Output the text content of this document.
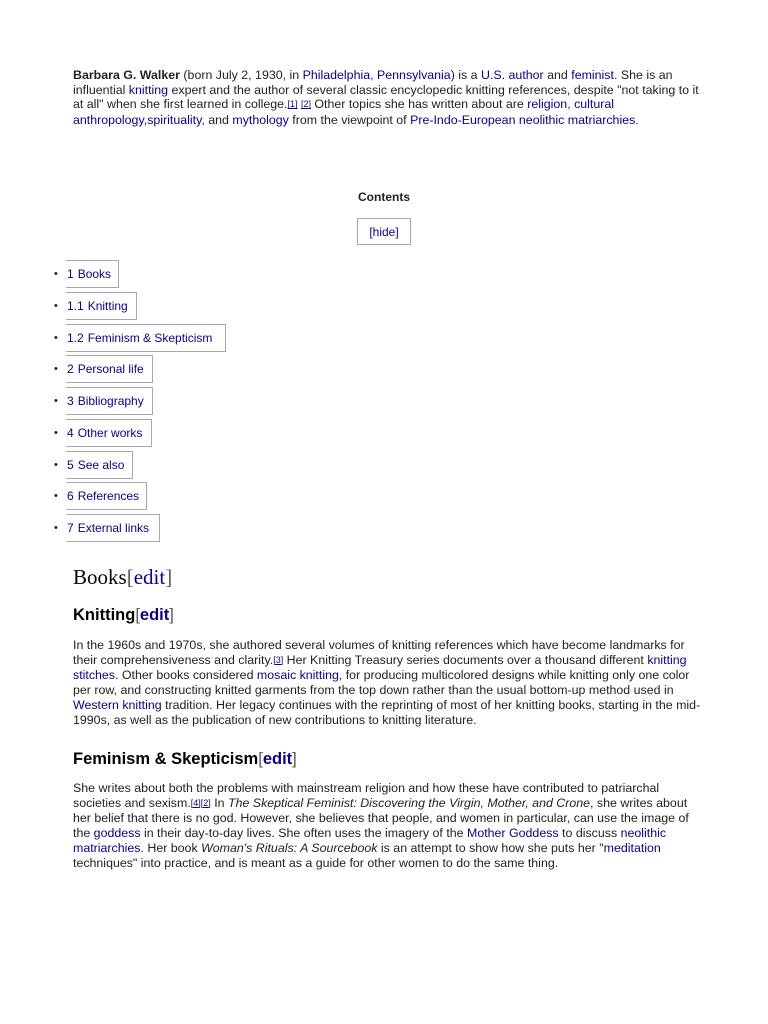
Barbara G. Walker (born July 2, 1930, in Philadelphia, Pennsylvania) is a U.S. author and feminist. She is an influential knitting expert and the author of several classic encyclopedic knitting references, despite "not taking to it at all" when she first learned in college.[1] [2] Other topics she has written about are religion, cultural anthropology,spirituality, and mythology from the viewpoint of Pre-Indo-European neolithic matriarchies.

Contents
[hide]
• 1 Books
• 1.1 Knitting
• 1.2 Feminism & Skepticism
• 2 Personal life
• 3 Bibliography
• 4 Other works
• 5 See also
• 6 References
• 7 External links
Books[edit]
Knitting[edit]

In the 1960s and 1970s, she authored several volumes of knitting references which have become landmarks for their comprehensiveness and clarity.[3] Her Knitting Treasury series documents over a thousand different knitting stitches. Other books considered mosaic knitting, for producing multicolored designs while knitting only one color per row, and constructing knitted garments from the top down rather than the usual bottom-up method used in Western knitting tradition. Her legacy continues with the reprinting of most of her knitting books, starting in the mid-1990s, as well as the publication of new contributions to knitting literature.

Feminism & Skepticism[edit]

She writes about both the problems with mainstream religion and how these have contributed to patriarchal societies and sexism.[4][2] In The Skeptical Feminist: Discovering the Virgin, Mother, and Crone, she writes about her belief that there is no god. However, she believes that people, and women in particular, can use the image of the goddess in their day-to-day lives. She often uses the imagery of the Mother Goddess to discuss neolithic matriarchies. Her book Woman's Rituals: A Sourcebook is an attempt to show how she puts her "meditation techniques" into practice, and is meant as a guide for other women to do the same thing.
